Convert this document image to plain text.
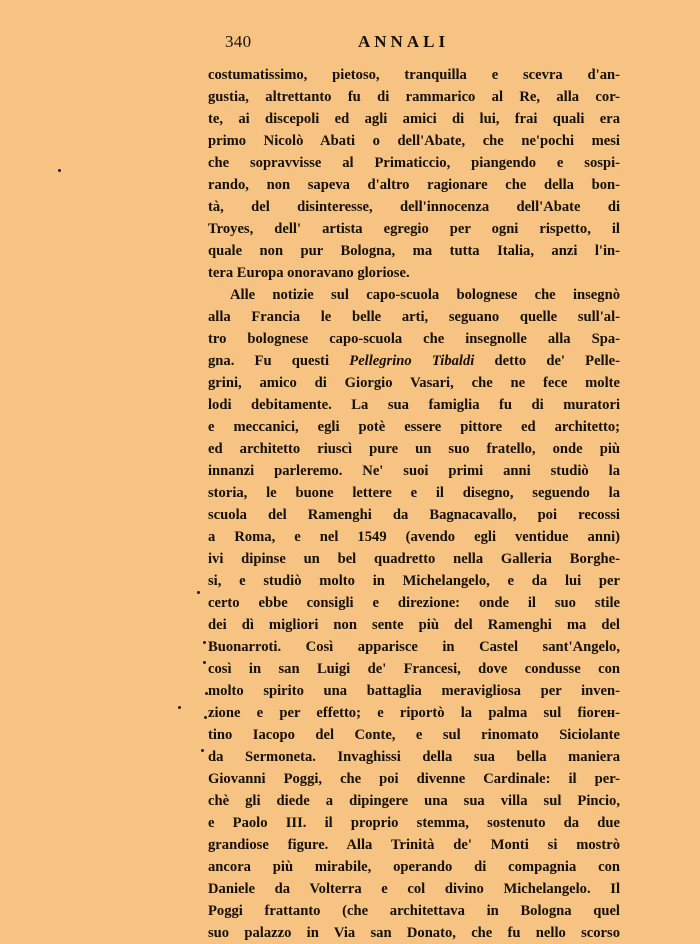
340	ANNALI
costumatissimo, pietoso, tranquilla e scevra d'an-
gustia, altrettanto fu di rammarico al Re, alla cor-
te, ai discepoli ed agli amici di lui, frai quali era
primo Nicolò Abati o dell'Abate, che ne'pochi mesi
che sopravvisse al Primaticcio, piangendo e sospi-
rando, non sapeva d'altro ragionare che della bon-
tà, del disinteresse, dell'innocenza dell'Abate di
Troyes, dell' artista egregio per ogni rispetto, il
quale non pur Bologna, ma tutta Italia, anzi l'in-
tera Europa onoravano gloriose.
Alle notizie sul capo-scuola bolognese che insegnò
alla Francia le belle arti, seguano quelle sull'al-
tro bolognese capo-scuola che insegnolle alla Spa-
gna. Fu questi Pellegrino Tibaldi detto de' Pelle-
grini, amico di Giorgio Vasari, che ne fece molte
lodi debitamente. La sua famiglia fu di muratori
e meccanici, egli potè essere pittore ed architetto;
ed architetto riuscì pure un suo fratello, onde più
innanzi parleremo. Ne' suoi primi anni studiò la
storia, le buone lettere e il disegno, seguendo la
scuola del Ramenghi da Bagnacavallo, poi recossi
a Roma, e nel 1549 (avendo egli ventidue anni)
ivi dipinse un bel quadretto nella Galleria Borghe-
si, e studiò molto in Michelangelo, e da lui per
certo ebbe consigli e direzione: onde il suo stile
dei dì migliori non sente più del Ramenghi ma del
Buonarroti. Così apparisce in Castel sant'Angelo,
così in san Luigi de' Francesi, dove condusse con
molto spirito una battaglia meravigliosa per inven-
zione e per effetto; e riportò la palma sul fiorен-
tino Iacopo del Conte, e sul rinomato Siciolante
da Sermoneta. Invaghissi della sua bella maniera
Giovanni Poggi, che poi divenne Cardinale: il per-
chè gli diede a dipingere una sua villa sul Pincio,
e Paolo III. il proprio stemma, sostenuto da due
grandiose figure. Alla Trinità de' Monti si mostrò
ancora più mirabile, operando di compagnia con
Daniele da Volterra e col divino Michelangelo. Il
Poggi frattanto (che architettava in Bologna quel
suo palazzo in Via san Donato, che fu nello scorso
